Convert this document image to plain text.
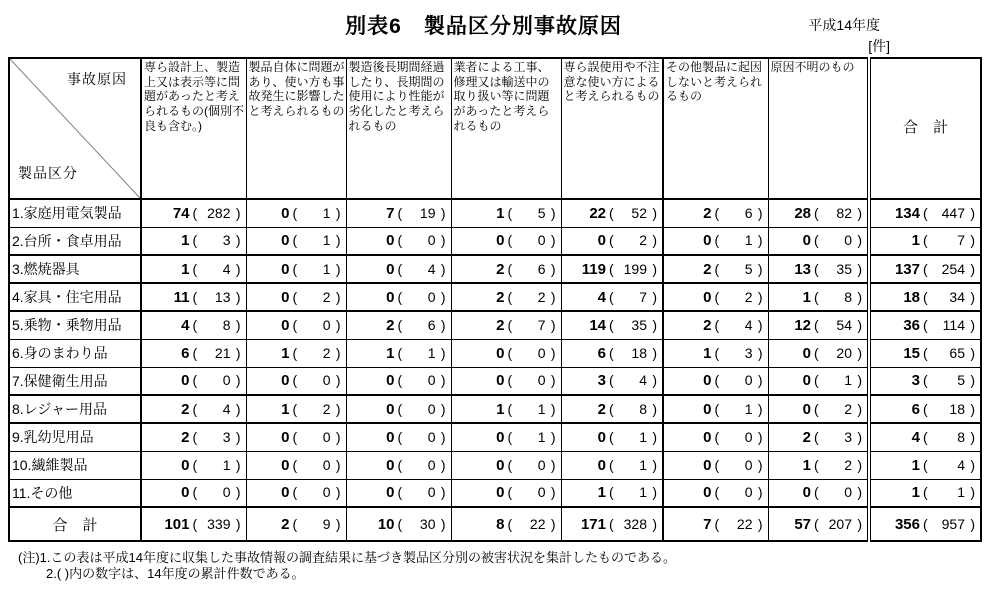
別表6　製品区分別事故原因	平成14年度
[件]
事故原因
製品区分	専ら設計上、製造上又は表示等に問題があったと考えられるもの(個別不良も含む。)	製品自体に問題があり、使い方も事故発生に影響したと考えられるもの	製造後長期間経過したり、長期間の使用により性能が劣化したと考えられるもの	業者による工事、修理又は輸送中の取り扱い等に問題があったと考えられるもの	専ら誤使用や不注意な使い方によると考えられるもの	その他製品に起因しないと考えられるもの	原因不明のもの	合　計
1.家庭用電気製品	74 ( 282 )	0 ( 1 )	7 ( 19 )	1 ( 5 )	22 ( 52 )	2 ( 6 )	28 ( 82 )	134 ( 447 )

2.台所・食卓用品	1 ( 3 )	0 ( 1 )	0 ( 0 )	0 ( 0 )	0 ( 2 )	0 ( 1 )	0 ( 0 )	1 ( 7 )

3.燃焼器具	1 ( 4 )	0 ( 1 )	0 ( 4 )	2 ( 6 )	119 ( 199 )	2 ( 5 )	13 ( 35 )	137 ( 254 )

4.家具・住宅用品	11 ( 13 )	0 ( 2 )	0 ( 0 )	2 ( 2 )	4 ( 7 )	0 ( 2 )	1 ( 8 )	18 ( 34 )

5.乗物・乗物用品	4 ( 8 )	0 ( 0 )	2 ( 6 )	2 ( 7 )	14 ( 35 )	2 ( 4 )	12 ( 54 )	36 ( 114 )

6.身のまわり品	6 ( 21 )	1 ( 2 )	1 ( 1 )	0 ( 0 )	6 ( 18 )	1 ( 3 )	0 ( 20 )	15 ( 65 )

7.保健衛生用品	0 ( 0 )	0 ( 0 )	0 ( 0 )	0 ( 0 )	3 ( 4 )	0 ( 0 )	0 ( 1 )	3 ( 5 )

8.レジャー用品	2 ( 4 )	1 ( 2 )	0 ( 0 )	1 ( 1 )	2 ( 8 )	0 ( 1 )	0 ( 2 )	6 ( 18 )

9.乳幼児用品	2 ( 3 )	0 ( 0 )	0 ( 0 )	0 ( 1 )	0 ( 1 )	0 ( 0 )	2 ( 3 )	4 ( 8 )

10.繊維製品	0 ( 1 )	0 ( 0 )	0 ( 0 )	0 ( 0 )	0 ( 1 )	0 ( 0 )	1 ( 2 )	1 ( 4 )

11.その他	0 ( 0 )	0 ( 0 )	0 ( 0 )	0 ( 0 )	1 ( 1 )	0 ( 0 )	0 ( 0 )	1 ( 1 )

合　計	101 ( 339 )	2 ( 9 )	10 ( 30 )	8 ( 22 )	171 ( 328 )	7 ( 22 )	57 ( 207 )	356 ( 957 )
(注)1.この表は平成14年度に収集した事故情報の調査結果に基づき製品区分別の被害状況を集計したものである。
2.( )内の数字は、14年度の累計件数である。
